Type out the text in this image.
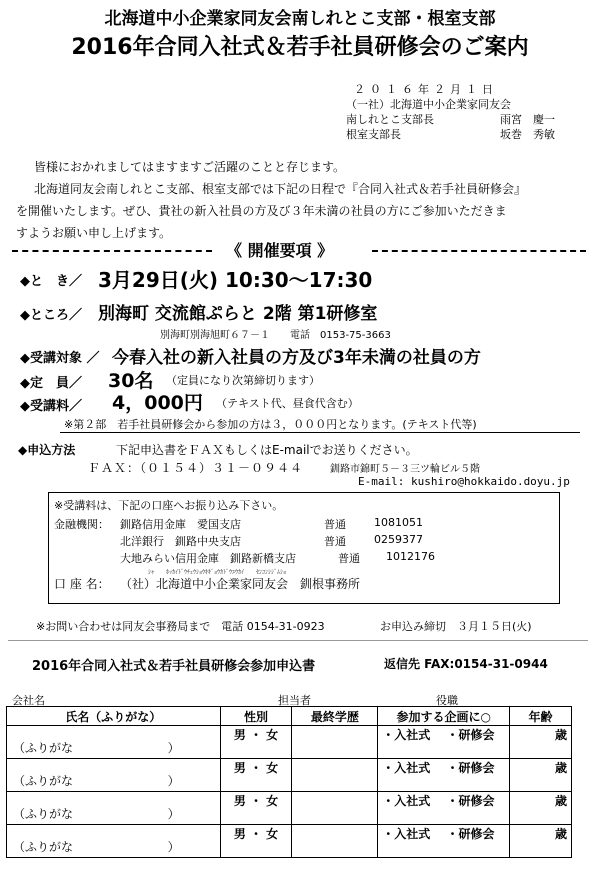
北海道中小企業家同友会南しれとこ支部・根室支部
2016年合同入社式＆若手社員研修会のご案内
２０１６年２月１日
（一社）北海道中小企業家同友会
南しれとこ支部長	雨宮　慶一
根室支部長	坂巻　秀敏
皆様におかれましてはますますご活躍のことと存じます。
北海道同友会南しれとこ支部、根室支部では下記の日程で『合同入社式＆若手社員研修会』
を開催いたします。ぜひ、貴社の新入社員の方及び３年未満の社員の方にご参加いただきま
すようお願い申し上げます。
《 開催要項 》
◆と　き／ 3月29日(火) 10:30〜17:30
◆ところ／ 別海町 交流館ぷらと 2階 第1研修室
別海町別海旭町６７－１　　電話　0153-75-3663
◆受講対象 ／ 今春入社の新入社員の方及び3年未満の社員の方
◆定　員／ 30名 （定員になり次第締切ります）
◆受講料／ 4，000円 （テキスト代、昼食代含む）
※第２部　若手社員研修会から参加の方は３，０００円となります。(テキスト代等)
◆申込方法	下記申込書をＦＡＸもしくはE-mailでお送りください。
ＦＡＸ：（０１５４）３１－０９４４	釧路市錦町５－３三ツ輪ビル５階
E-mail: kushiro@hokkaido.doyu.jp
※受講料は、下記の口座へお振り込み下さい。
金融機関： 釧路信用金庫　愛国支店	普通	1081051
北洋銀行　釧路中央支店	普通	0259377
大地みらい信用金庫　釧路新橋支店	普通 1012176
ｼｬ　　ﾎｯｶｲﾄﾞｳﾁｭｳｼｮｳｷｷﾞｮｳｶﾄﾞｳﾕｳｶｲ　　ｾﾝｺﾝｼｼﾞﾑｼｮ
口 座 名： （社）北海道中小企業家同友会　釧根事務所
※お問い合わせは同友会事務局まで　電話 0154-31-0923	お申込み締切　３月１５日(火)
2016年合同入社式＆若手社員研修会参加申込書	返信先 FAX:0154-31-0944
会社名	担当者	役職
氏名（ふりがな）	性別	最終学歴	参加する企画に○	年齢

（ふりがな ）	男 ・ 女		・入社式　 ・研修会	歳

（ふりがな ）	男 ・ 女		・入社式　 ・研修会	歳

（ふりがな ）	男 ・ 女		・入社式　 ・研修会	歳

（ふりがな ）	男 ・ 女		・入社式　 ・研修会	歳
